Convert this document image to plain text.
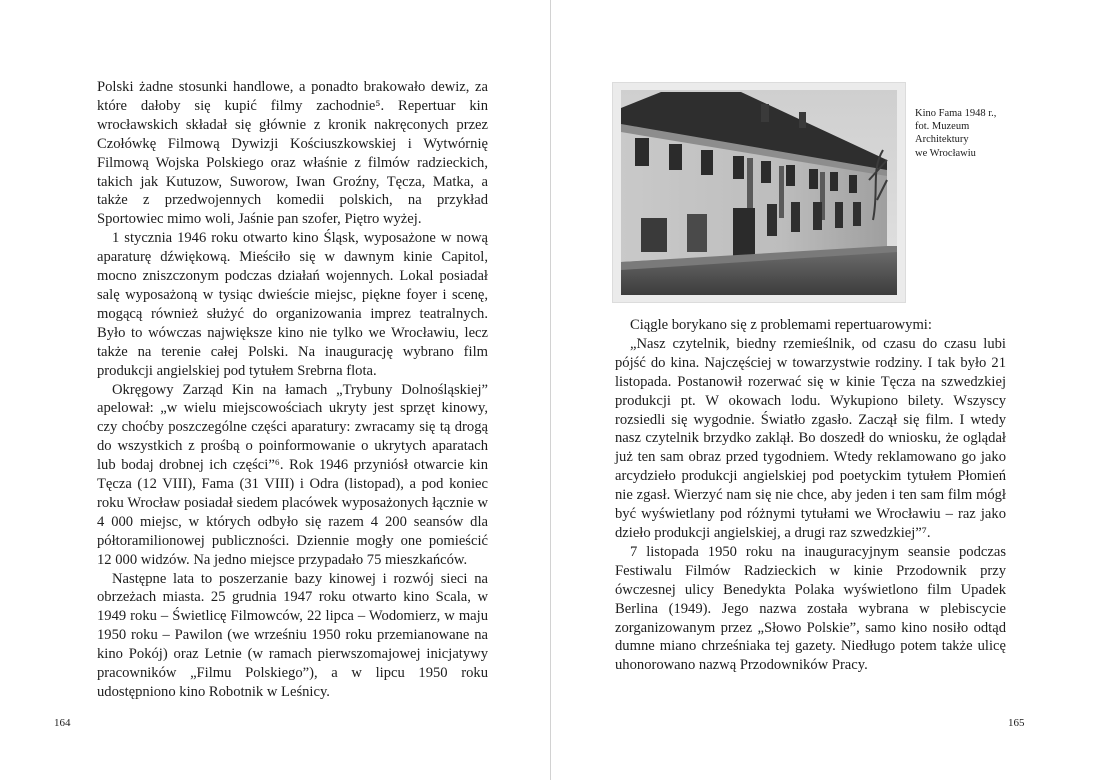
Polski żadne stosunki handlowe, a ponadto brakowało dewiz, za które dałoby się kupić filmy zachodnie⁵. Repertuar kin wrocławskich składał się głównie z kronik nakręconych przez Czołówkę Filmową Dywizji Kościuszkowskiej i Wytwórnię Filmową Wojska Polskiego oraz właśnie z filmów radzieckich, takich jak Kutuzow, Suworow, Iwan Groźny, Tęcza, Matka, a także z przedwojennych komedii polskich, na przykład Sportowiec mimo woli, Jaśnie pan szofer, Piętro wyżej.

1 stycznia 1946 roku otwarto kino Śląsk, wyposażone w nową aparaturę dźwiękową. Mieściło się w dawnym kinie Capitol, mocno zniszczonym podczas działań wojennych. Lokal posiadał salę wyposażoną w tysiąc dwieście miejsc, piękne foyer i scenę, mogącą również służyć do organizowania imprez teatralnych. Było to wówczas największe kino nie tylko we Wrocławiu, lecz także na terenie całej Polski. Na inaugurację wybrano film produkcji angielskiej pod tytułem Srebrna flota.

Okręgowy Zarząd Kin na łamach „Trybuny Dolnośląskiej” apelował: „w wielu miejscowościach ukryty jest sprzęt kinowy, czy choćby poszczególne części aparatury: zwracamy się tą drogą do wszystkich z prośbą o poinformowanie o ukrytych aparatach lub bodaj drobnej ich części”⁶. Rok 1946 przyniósł otwarcie kin Tęcza (12 VIII), Fama (31 VIII) i Odra (listopad), a pod koniec roku Wrocław posiadał siedem placówek wyposażonych łącznie w 4 000 miejsc, w których odbyło się razem 4 200 seansów dla półtoramilionowej publiczności. Dziennie mogły one pomieścić 12 000 widzów. Na jedno miejsce przypadało 75 mieszkańców.

Następne lata to poszerzanie bazy kinowej i rozwój sieci na obrzeżach miasta. 25 grudnia 1947 roku otwarto kino Scala, w 1949 roku – Świetlicę Filmowców, 22 lipca – Wodomierz, w maju 1950 roku – Pawilon (we wrześniu 1950 roku przemianowane na kino Pokój) oraz Letnie (w ramach pierwszomajowej inicjatywy pracowników „Filmu Polskiego”), a w lipcu 1950 roku udostępniono kino Robotnik w Leśnicy.

164
Kino Fama 1948 r.,
fot. Muzeum
Architektury
we Wrocławiu

Ciągle borykano się z problemami repertuarowymi:

„Nasz czytelnik, biedny rzemieślnik, od czasu do czasu lubi pójść do kina. Najczęściej w towarzystwie rodziny. I tak było 21 listopada. Postanowił rozerwać się w kinie Tęcza na szwedzkiej produkcji pt. W okowach lodu. Wykupiono bilety. Wszyscy rozsiedli się wygodnie. Światło zgasło. Zaczął się film. I wtedy nasz czytelnik brzydko zaklął. Bo doszedł do wniosku, że oglądał już ten sam obraz przed tygodniem. Wtedy reklamowano go jako arcydzieło produkcji angielskiej pod poetyckim tytułem Płomień nie zgasł. Wierzyć nam się nie chce, aby jeden i ten sam film mógł być wyświetlany pod różnymi tytułami we Wrocławiu – raz jako dzieło produkcji angielskiej, a drugi raz szwedzkiej”⁷.

7 listopada 1950 roku na inauguracyjnym seansie podczas Festiwalu Filmów Radzieckich w kinie Przodownik przy ówczesnej ulicy Benedykta Polaka wyświetlono film Upadek Berlina (1949). Jego nazwa została wybrana w plebiscycie zorganizowanym przez „Słowo Polskie”, samo kino nosiło odtąd dumne miano chrześniaka tej gazety. Niedługo potem także ulicę uhonorowano nazwą Przodowników Pracy.

165
